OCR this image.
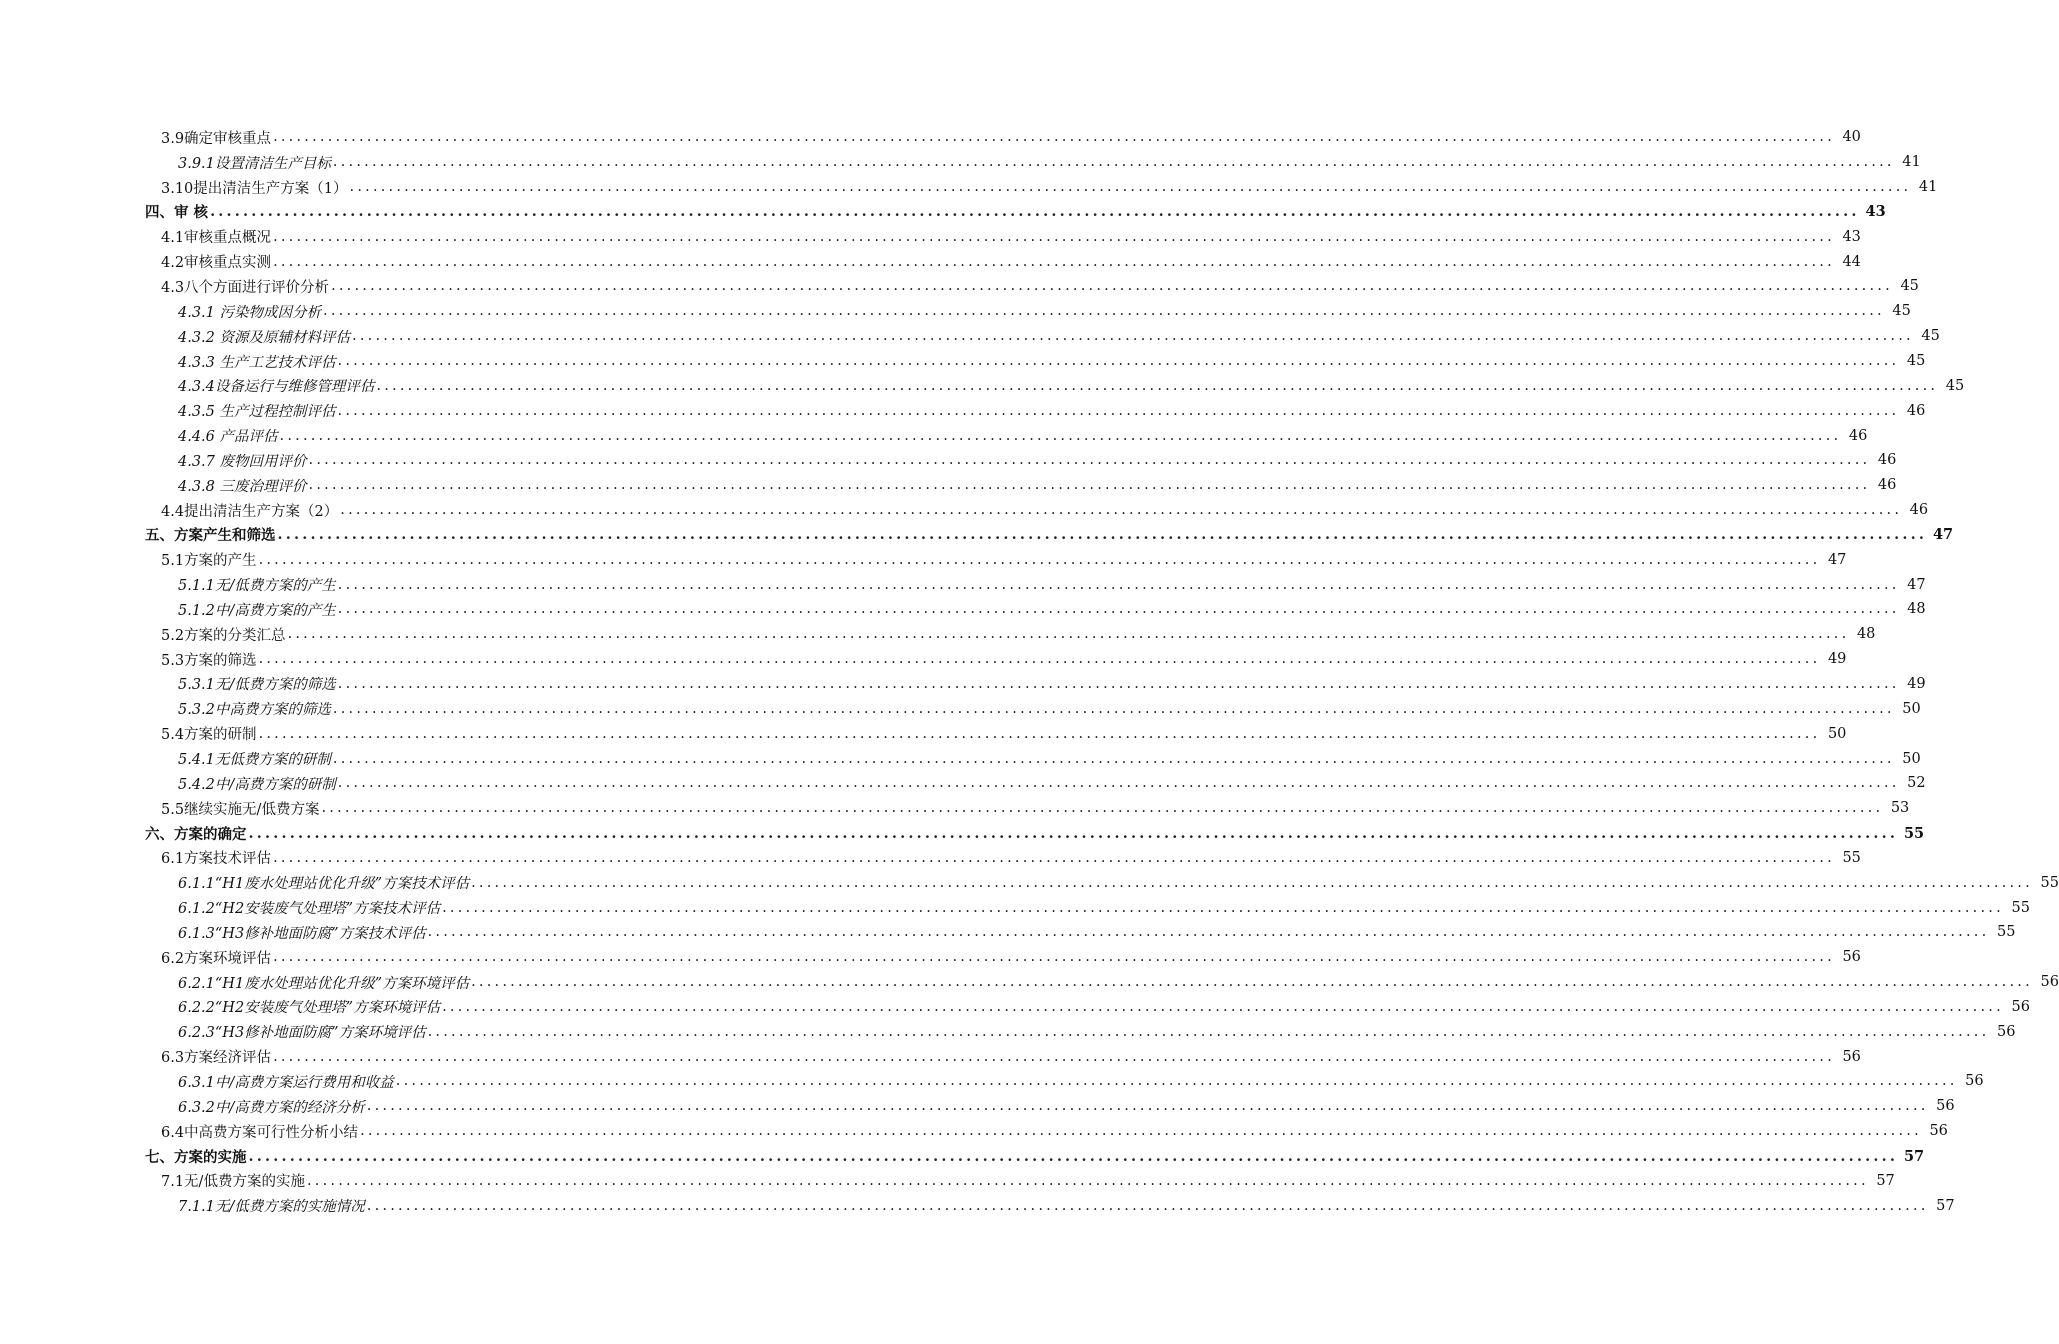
3.9确定审核重点 ........................................................................................................................................................................................................ 40
3.9.1设置清洁生产目标 ........................................................................................................................................................................................................ 41
3.10提出清洁生产方案（1） ........................................................................................................................................................................................................ 41
四、审 核 ........................................................................................................................................................................................................ 43
4.1审核重点概况 ........................................................................................................................................................................................................ 43
4.2审核重点实测 ........................................................................................................................................................................................................ 44
4.3八个方面进行评价分析 ........................................................................................................................................................................................................ 45
4.3.1 污染物成因分析 ........................................................................................................................................................................................................ 45
4.3.2 资源及原辅材料评估 ........................................................................................................................................................................................................ 45
4.3.3 生产工艺技术评估 ........................................................................................................................................................................................................ 45
4.3.4设备运行与维修管理评估 ........................................................................................................................................................................................................ 45
4.3.5 生产过程控制评估 ........................................................................................................................................................................................................ 46
4.4.6 产品评估 ........................................................................................................................................................................................................ 46
4.3.7 废物回用评价 ........................................................................................................................................................................................................ 46
4.3.8 三废治理评价 ........................................................................................................................................................................................................ 46
4.4提出清洁生产方案（2） ........................................................................................................................................................................................................ 46
五、方案产生和筛选 ........................................................................................................................................................................................................ 47
5.1方案的产生 ........................................................................................................................................................................................................ 47
5.1.1无/低费方案的产生 ........................................................................................................................................................................................................ 47
5.1.2中/高费方案的产生 ........................................................................................................................................................................................................ 48
5.2方案的分类汇总 ........................................................................................................................................................................................................ 48
5.3方案的筛选 ........................................................................................................................................................................................................ 49
5.3.1无/低费方案的筛选 ........................................................................................................................................................................................................ 49
5.3.2中高费方案的筛选 ........................................................................................................................................................................................................ 50
5.4方案的研制 ........................................................................................................................................................................................................ 50
5.4.1无低费方案的研制 ........................................................................................................................................................................................................ 50
5.4.2中/高费方案的研制 ........................................................................................................................................................................................................ 52
5.5继续实施无/低费方案 ........................................................................................................................................................................................................ 53
六、方案的确定 ........................................................................................................................................................................................................ 55
6.1方案技术评估 ........................................................................................................................................................................................................ 55
6.1.1“H1废水处理站优化升级”方案技术评估 ........................................................................................................................................................................................................ 55
6.1.2“H2安装废气处理塔”方案技术评估 ........................................................................................................................................................................................................ 55
6.1.3“H3修补地面防腐”方案技术评估 ........................................................................................................................................................................................................ 55
6.2方案环境评估 ........................................................................................................................................................................................................ 56
6.2.1“H1废水处理站优化升级”方案环境评估 ........................................................................................................................................................................................................ 56
6.2.2“H2安装废气处理塔”方案环境评估 ........................................................................................................................................................................................................ 56
6.2.3“H3修补地面防腐”方案环境评估 ........................................................................................................................................................................................................ 56
6.3方案经济评估 ........................................................................................................................................................................................................ 56
6.3.1中/高费方案运行费用和收益 ........................................................................................................................................................................................................ 56
6.3.2中/高费方案的经济分析 ........................................................................................................................................................................................................ 56
6.4中高费方案可行性分析小结 ........................................................................................................................................................................................................ 56
七、方案的实施 ........................................................................................................................................................................................................ 57
7.1无/低费方案的实施 ........................................................................................................................................................................................................ 57
7.1.1无/低费方案的实施情况 ........................................................................................................................................................................................................ 57
